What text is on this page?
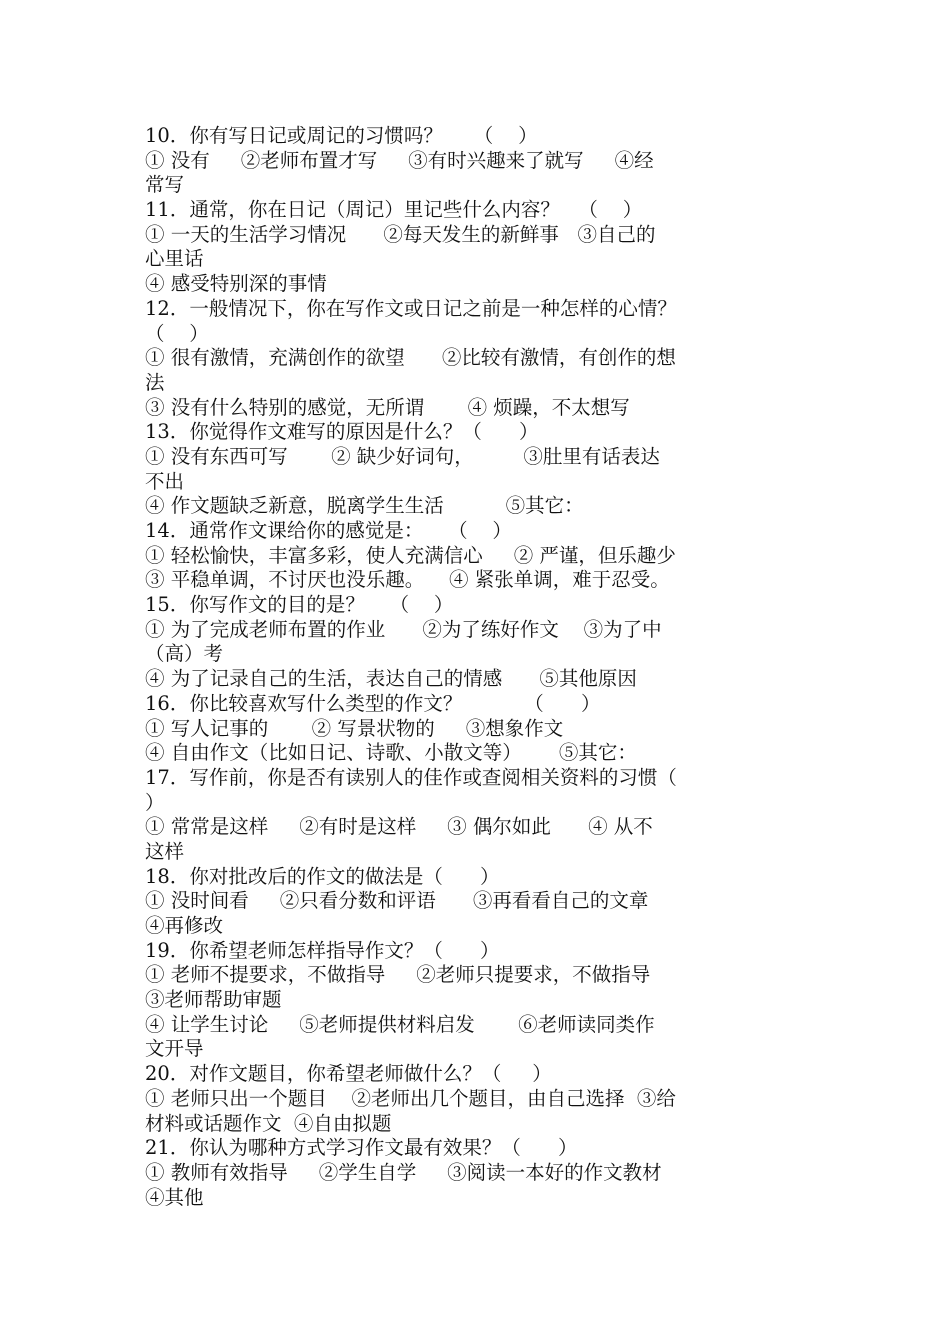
10．你有写日记或周记的习惯吗？     （    ）
① 没有     ②老师布置才写     ③有时兴趣来了就写     ④经
常写
11．通常，你在日记（周记）里记些什么内容？   （    ）
① 一天的生活学习情况      ②每天发生的新鲜事   ③自己的
心里话
④ 感受特别深的事情
12．一般情况下，你在写作文或日记之前是一种怎样的心情？
（    ）
① 很有激情，充满创作的欲望      ②比较有激情，有创作的想
法
③ 没有什么特别的感觉，无所谓       ④ 烦躁，不太想写
13．你觉得作文难写的原因是什么？（      ）
① 没有东西可写       ② 缺少好词句，        ③肚里有话表达
不出
④ 作文题缺乏新意，脱离学生生活          ⑤其它：
14．通常作文课给你的感觉是：    （    ）
① 轻松愉快，丰富多彩，使人充满信心     ② 严谨，但乐趣少
③ 平稳单调，不讨厌也没乐趣。    ④ 紧张单调，难于忍受。
15．你写作文的目的是？    （    ）
① 为了完成老师布置的作业      ②为了练好作文    ③为了中
（高）考
④ 为了记录自己的生活，表达自己的情感      ⑤其他原因
16．你比较喜欢写什么类型的作文？          （      ）
① 写人记事的       ② 写景状物的     ③想象作文
④ 自由作文（比如日记、诗歌、小散文等）      ⑤其它：
17．写作前，你是否有读别人的佳作或查阅相关资料的习惯（
）
① 常常是这样     ②有时是这样     ③ 偶尔如此      ④ 从不
这样
18．你对批改后的作文的做法是（      ）
① 没时间看     ②只看分数和评语      ③再看看自己的文章
④再修改
19．你希望老师怎样指导作文？（      ）
① 老师不提要求，不做指导     ②老师只提要求，不做指导
③老师帮助审题
④ 让学生讨论     ⑤老师提供材料启发       ⑥老师读同类作
文开导
20．对作文题目，你希望老师做什么？（     ）
① 老师只出一个题目    ②老师出几个题目，由自己选择  ③给
材料或话题作文  ④自由拟题
21．你认为哪种方式学习作文最有效果？（      ）
① 教师有效指导     ②学生自学     ③阅读一本好的作文教材
④其他
